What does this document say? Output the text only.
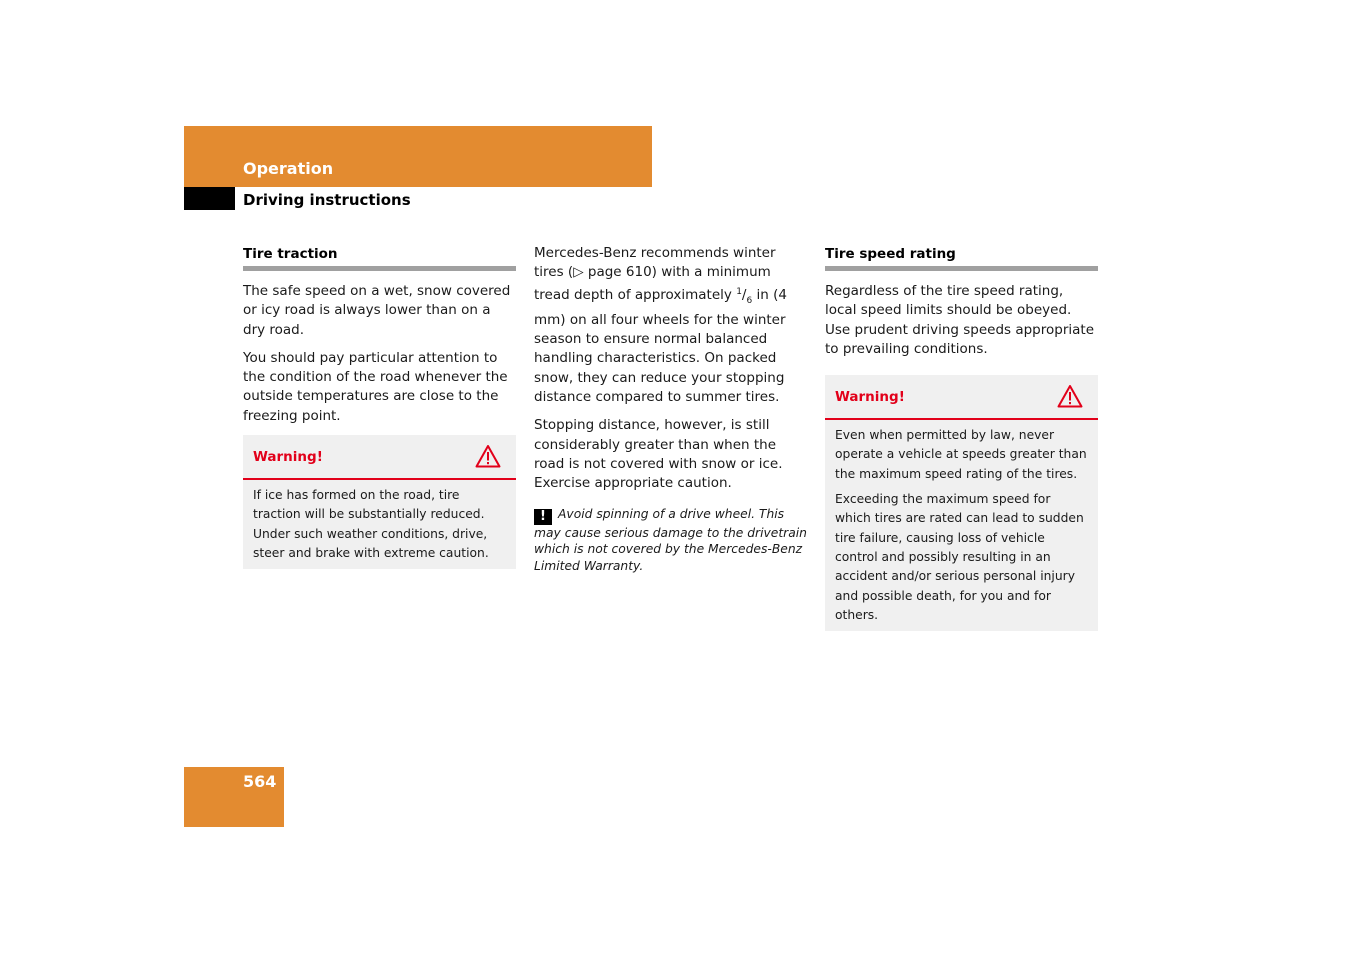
Operation
Driving instructions
Tire traction

The safe speed on a wet, snow covered or icy road is always lower than on a dry road.

You should pay particular attention to the condition of the road whenever the outside temperatures are close to the freezing point.

Warning!

If ice has formed on the road, tire traction will be substantially reduced. Under such weather conditions, drive, steer and brake with extreme caution.

Mercedes-Benz recommends winter tires (▷ page 610) with a minimum tread depth of approximately $^1/_6$ in (4 mm) on all four wheels for the winter season to ensure normal balanced handling characteristics. On packed snow, they can reduce your stopping distance compared to summer tires.

Stopping distance, however, is still considerably greater than when the road is not covered with snow or ice. Exercise appropriate caution.

! Avoid spinning of a drive wheel. This may cause serious damage to the drivetrain which is not covered by the Mercedes-Benz Limited Warranty.
Tire speed rating

Regardless of the tire speed rating, local speed limits should be obeyed. Use prudent driving speeds appropriate to prevailing conditions.

Warning!

Even when permitted by law, never operate a vehicle at speeds greater than the maximum speed rating of the tires.

Exceeding the maximum speed for which tires are rated can lead to sudden tire failure, causing loss of vehicle control and possibly resulting in an accident and/or serious personal injury and possible death, for you and for others.

564
